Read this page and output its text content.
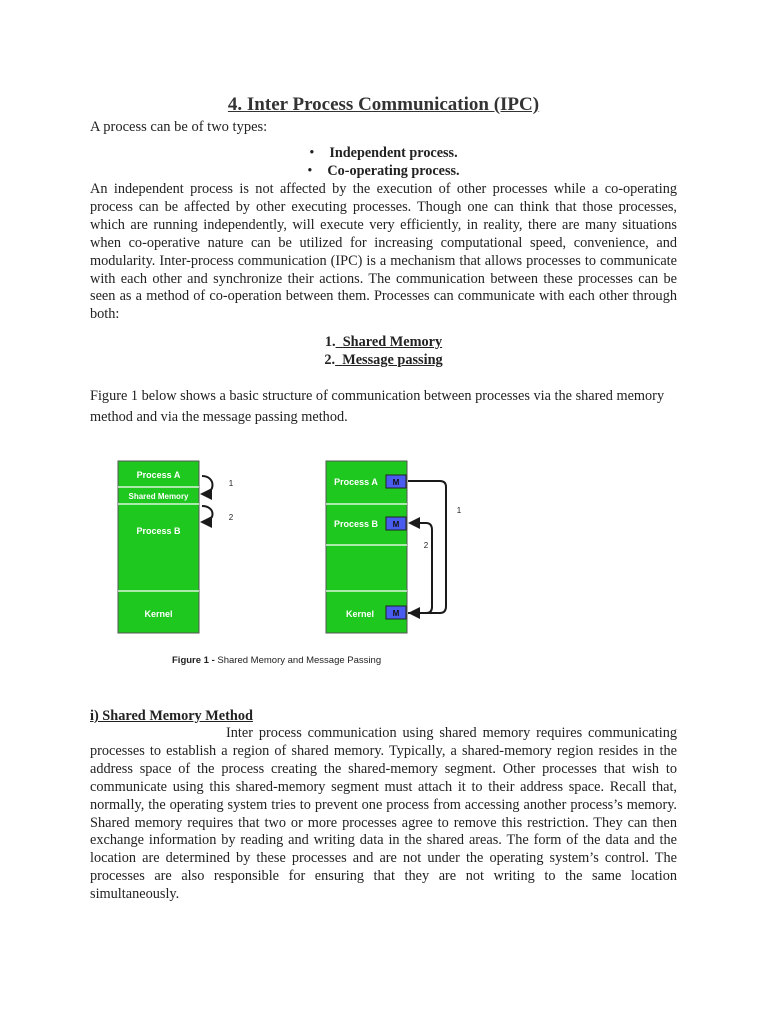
4. Inter Process Communication (IPC)

A process can be of two types:

• Independent process.
• Co-operating process.

An independent process is not affected by the execution of other processes while a co-operating process can be affected by other executing processes. Though one can think that those processes, which are running independently, will execute very efficiently, in reality, there are many situations when co-operative nature can be utilized for increasing computational speed, convenience, and modularity. Inter-process communication (IPC) is a mechanism that allows processes to communicate with each other and synchronize their actions. The communication between these processes can be seen as a method of co-operation between them. Processes can communicate with each other through both:

1. Shared Memory
2. Message passing

Figure 1 below shows a basic structure of communication between processes via the shared memory method and via the message passing method.

Process A
Shared Memory
Process B
Kernel
1
2
Process A
Process B
Kernel
M
M
M
1
2
Figure 1 - Shared Memory and Message Passing

i) Shared Memory Method

Inter process communication using shared memory requires communicating processes to establish a region of shared memory. Typically, a shared-memory region resides in the address space of the process creating the shared-memory segment. Other processes that wish to communicate using this shared-memory segment must attach it to their address space. Recall that, normally, the operating system tries to prevent one process from accessing another process’s memory. Shared memory requires that two or more processes agree to remove this restriction. They can then exchange information by reading and writing data in the shared areas. The form of the data and the location are determined by these processes and are not under the operating system’s control. The processes are also responsible for ensuring that they are not writing to the same location simultaneously.
